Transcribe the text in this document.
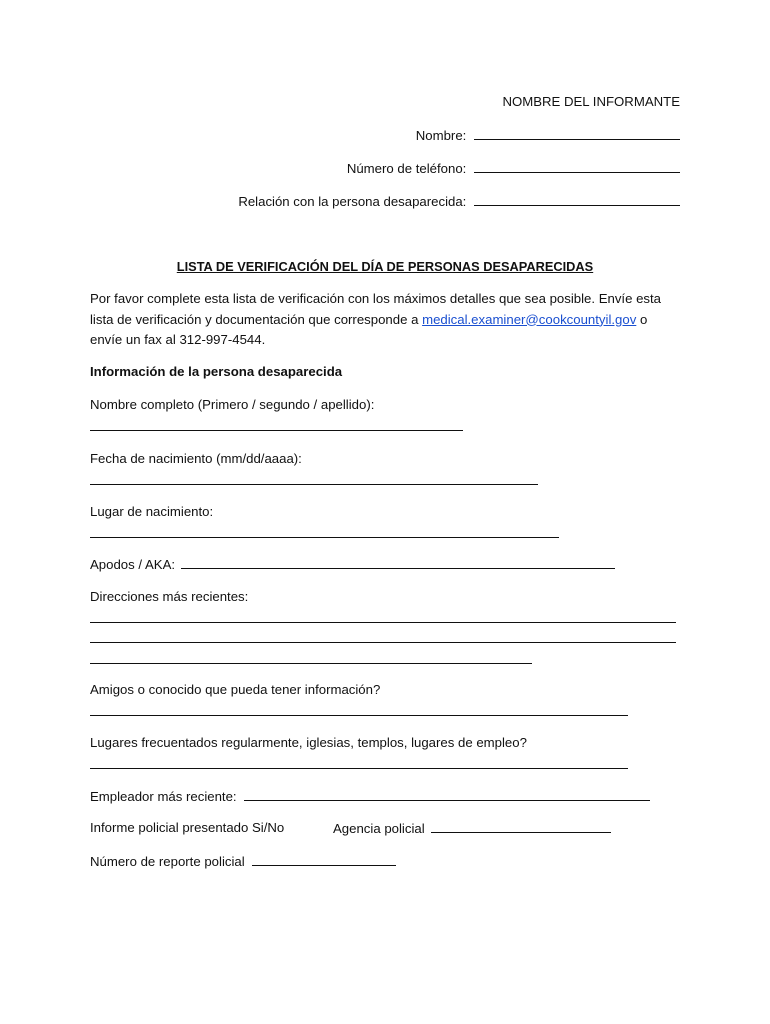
NOMBRE DEL INFORMANTE
Nombre:
Número de teléfono:
Relación con la persona desaparecida:
LISTA DE VERIFICACIÓN DEL DÍA DE PERSONAS DESAPARECIDAS
Por favor complete esta lista de verificación con los máximos detalles que sea posible. Envíe esta lista de verificación y documentación que corresponde a medical.examiner@cookcountyil.gov o envíe un fax al 312-997-4544.
Información de la persona desaparecida
Nombre completo (Primero / segundo / apellido):
Fecha de nacimiento (mm/dd/aaaa):
Lugar de nacimiento:
Apodos / AKA:
Direcciones más recientes:
Amigos o conocido que pueda tener información?
Lugares frecuentados regularmente, iglesias, templos, lugares de empleo?
Empleador más reciente:
Informe policial presentado Si/No	Agencia policial
Número de reporte policial
